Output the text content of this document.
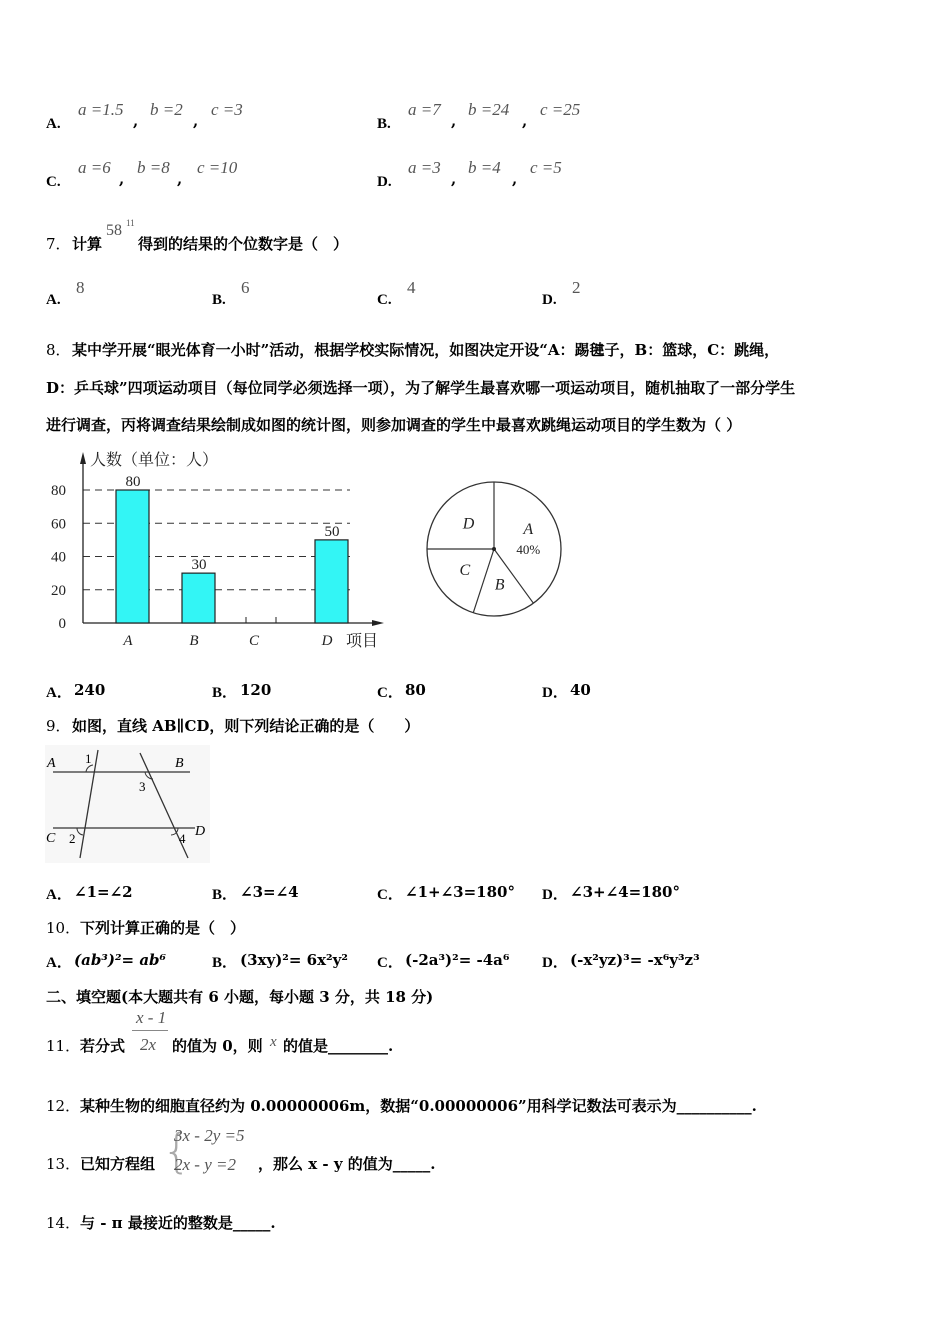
A.
a =1.5
,
b =2
,
c =3
B.
a =7
,
b =24
,
c =25
C.
a =6
,
b =8
,
c =10
D.
a =3
,
b =4
,
c =5
7． 计算
58 11
得到的结果的个位数字是（　）
A.
8
B.
6
C.
4
D.
2
8． 某中学开展“眼光体育一小时”活动，根据学校实际情况，如图决定开设“A：踢毽子，B：篮球，C：跳绳，
D：乒乓球”四项运动项目（每位同学必须选择一项），为了解学生最喜欢哪一项运动项目，随机抽取了一部分学生
进行调查，丙将调查结果绘制成如图的统计图，则参加调查的学生中最喜欢跳绳运动项目的学生数为（ ）
0
20
40
60
80
人数（单位：人）
项目
80
A
30
B	C
50
D
A
40%
B
C
D
A． 240	B． 120	C． 80	D． 40
9． 如图，直线 AB∥CD，则下列结论正确的是（　　）
A 1	B
3
C 2	4 D
A． ∠1=∠2	B． ∠3=∠4	C． ∠1+∠3=180° D． ∠3+∠4=180°
10． 下列计算正确的是（　）
A． (ab³)²= ab⁶	B． (3xy)²= 6x²y² C． (-2a³)²= -4a⁶ D． (-x²yz)³= -x⁶y³z³
二、填空题(本大题共有 6 小题，每小题 3 分，共 18 分)
11． 若分式
x - 1
2x 的值为 0，则 x 的值是________.
12． 某种生物的细胞直径约为 0.00000006m，数据“0.00000006”用科学记数法可表示为__________.
13． 已知方程组 {
3x - 2y =5
2x - y =2 ，那么 x - y 的值为_____.
14． 与 - π 最接近的整数是_____.
